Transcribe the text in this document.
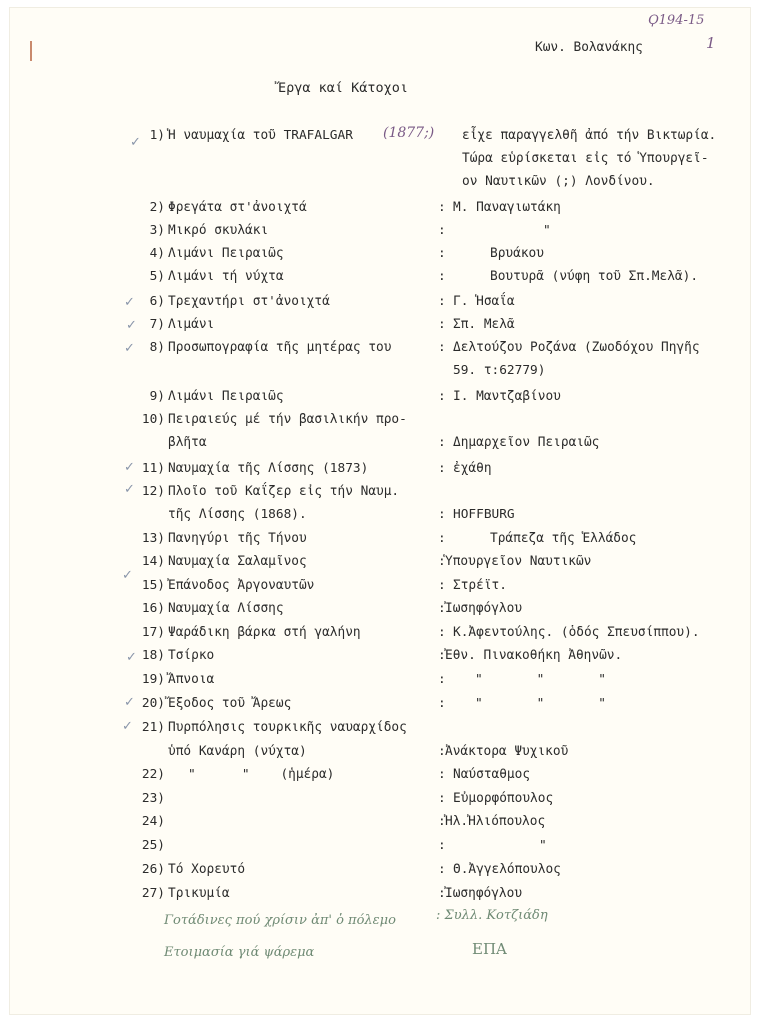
Ϙ194-15
1
Κων. Βολανάκης
Ἔργα καί Κάτοχοι
✓
✓
✓
✓
✓
✓
✓
✓
✓
✓
1) Ἡ ναυμαχία τοῦ TRAFALGAR (1877;) εἶχε παραγγελθῆ ἀπό τήν Βικτωρία.
Τώρα εὑρίσκεται εἰς τό Ὑπουργεῖ-
ον Ναυτικῶν (;) Λονδίνου.
2) Φρεγάτα στ'ἀνοιχτά	: Μ. Παναγιωτάκη
3) Μικρό σκυλάκι	:	"
4) Λιμάνι Πειραιῶς	:	Βρυάκου
5) Λιμάνι τή νύχτα	:	Βουτυρᾶ (νύφη τοῦ Σπ.Μελᾶ).
6) Τρεχαντήρι στ'ἀνοιχτά	: Γ. Ἡσαΐα
7) Λιμάνι	: Σπ. Μελᾶ
8) Προσωπογραφία τῆς μητέρας του	: Δελτούζου Ροζάνα (Ζωοδόχου Πηγῆς
59. τ:62779)
9) Λιμάνι Πειραιῶς	: Ι. Μαντζαβίνου
10) Πειραιεύς μέ τήν βασιλικήν προ-
βλῆτα	: Δημαρχεῖον Πειραιῶς
11) Ναυμαχία τῆς Λίσσης (1873)	: ἐχάθη
12) Πλοῖο τοῦ Καΐζερ εἰς τήν Ναυμ.
τῆς Λίσσης (1868).	: HOFFBURG
13) Πανηγύρι τῆς Τήνου	:	Τράπεζα τῆς Ἑλλάδος
14) Ναυμαχία Σαλαμῖνος	: Ὑπουργεῖον Ναυτικῶν
15) Ἐπάνοδος Ἀργοναυτῶν	: Στρέϊτ.
16) Ναυμαχία Λίσσης	: Ἰωσηφόγλου
17) Ψαράδικη βάρκα στή γαλήνη	: Κ.Ἀφεντούλης. (ὁδός Σπευσίππου).
18) Τσίρκο	: Ἐθν. Πινακοθήκη Ἀθηνῶν.
19) Ἄπνοια	: "       "       "
20) Ἔξοδος τοῦ Ἄρεως	: "       "       "
21) Πυρπόλησις τουρκικῆς ναυαρχίδος
ὑπό Κανάρη (νύχτα)	: Ἀνάκτορα Ψυχικοῦ
22) "      "    (ἡμέρα)	: Ναύσταθμος
23)	: Εὐμορφόπουλος
24)	: Ἠλ.Ἠλιόπουλος
25)	:	"
26) Τό Χορευτό	: Θ.Ἀγγελόπουλος
27) Τρικυμία	: Ἰωσηφόγλου
Γοτάδινες πού χρίσιν ἀπ' ὁ πόλεμο	: Συλλ. Κοτζιάδη
Ετοιμασία γιά ψάρεμα	ΕΠΑ
